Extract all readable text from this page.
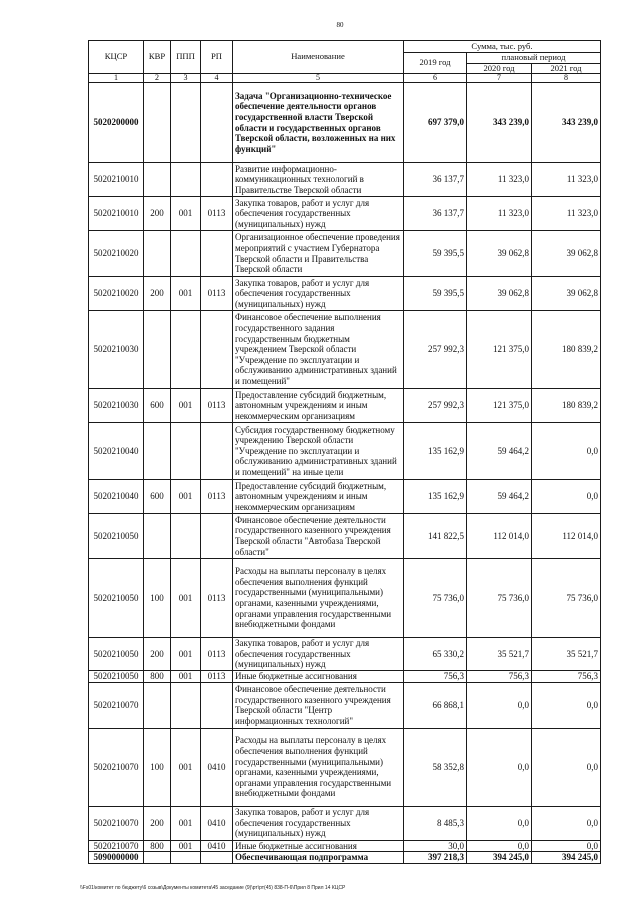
80
КЦСР	КВР	ППП	РП	Наименование	Сумма, тыс. руб.		
					2019 год	плановый период	
						2020 год	2021 год
1	2	3	4	5	6	7	8
5020200000				Задача "Организационно-техническое обеспечение деятельности органов государственной власти Тверской области и государственных органов Тверской области, возложенных на них функций"	697 379,0	343 239,0	343 239,0
5020210010				Развитие информационно-коммуникационных технологий в Правительстве Тверской области	36 137,7	11 323,0	11 323,0
5020210010	200	001	0113	Закупка товаров, работ и услуг для обеспечения государственных (муниципальных) нужд	36 137,7	11 323,0	11 323,0
5020210020				Организационное обеспечение проведения мероприятий с участием Губернатора Тверской области и Правительства Тверской области	59 395,5	39 062,8	39 062,8
5020210020	200	001	0113	Закупка товаров, работ и услуг для обеспечения государственных (муниципальных) нужд	59 395,5	39 062,8	39 062,8
5020210030				Финансовое обеспечение выполнения государственного задания государственным бюджетным учреждением Тверской области "Учреждение по эксплуатации и обслуживанию административных зданий и помещений"	257 992,3	121 375,0	180 839,2
5020210030	600	001	0113	Предоставление субсидий бюджетным, автономным учреждениям и иным некоммерческим организациям	257 992,3	121 375,0	180 839,2
5020210040				Субсидия государственному бюджетному учреждению Тверской области "Учреждение по эксплуатации и обслуживанию административных зданий и помещений" на иные цели	135 162,9	59 464,2	0,0
5020210040	600	001	0113	Предоставление субсидий бюджетным, автономным учреждениям и иным некоммерческим организациям	135 162,9	59 464,2	0,0
5020210050				Финансовое обеспечение деятельности государственного казенного учреждения Тверской области "Автобаза Тверской области"	141 822,5	112 014,0	112 014,0
5020210050	100	001	0113	Расходы на выплаты персоналу в целях обеспечения выполнения функций государственными (муниципальными) органами, казенными учреждениями, органами управления государственными внебюджетными фондами	75 736,0	75 736,0	75 736,0
5020210050	200	001	0113	Закупка товаров, работ и услуг для обеспечения государственных (муниципальных) нужд	65 330,2	35 521,7	35 521,7
5020210050	800	001	0113	Иные бюджетные ассигнования	756,3	756,3	756,3
5020210070				Финансовое обеспечение деятельности государственного казенного учреждения Тверской области "Центр информационных технологий"	66 868,1	0,0	0,0
5020210070	100	001	0410	Расходы на выплаты персоналу в целях обеспечения выполнения функций государственными (муниципальными) органами, казенными учреждениями, органами управления государственными внебюджетными фондами	58 352,8	0,0	0,0
5020210070	200	001	0410	Закупка товаров, работ и услуг для обеспечения государственных (муниципальных) нужд	8 485,3	0,0	0,0
5020210070	800	001	0410	Иные бюджетные ассигнования	30,0	0,0	0,0
5090000000				Обеспечивающая подпрограмма	397 218,3	394 245,0	394 245,0
\\Fs01\комитет по бюджету\6 созыв\Документы комитета\45 заседание (9)\рт\рт(45) 838-П-6\Прил 8 Прил 14 КЦСР
